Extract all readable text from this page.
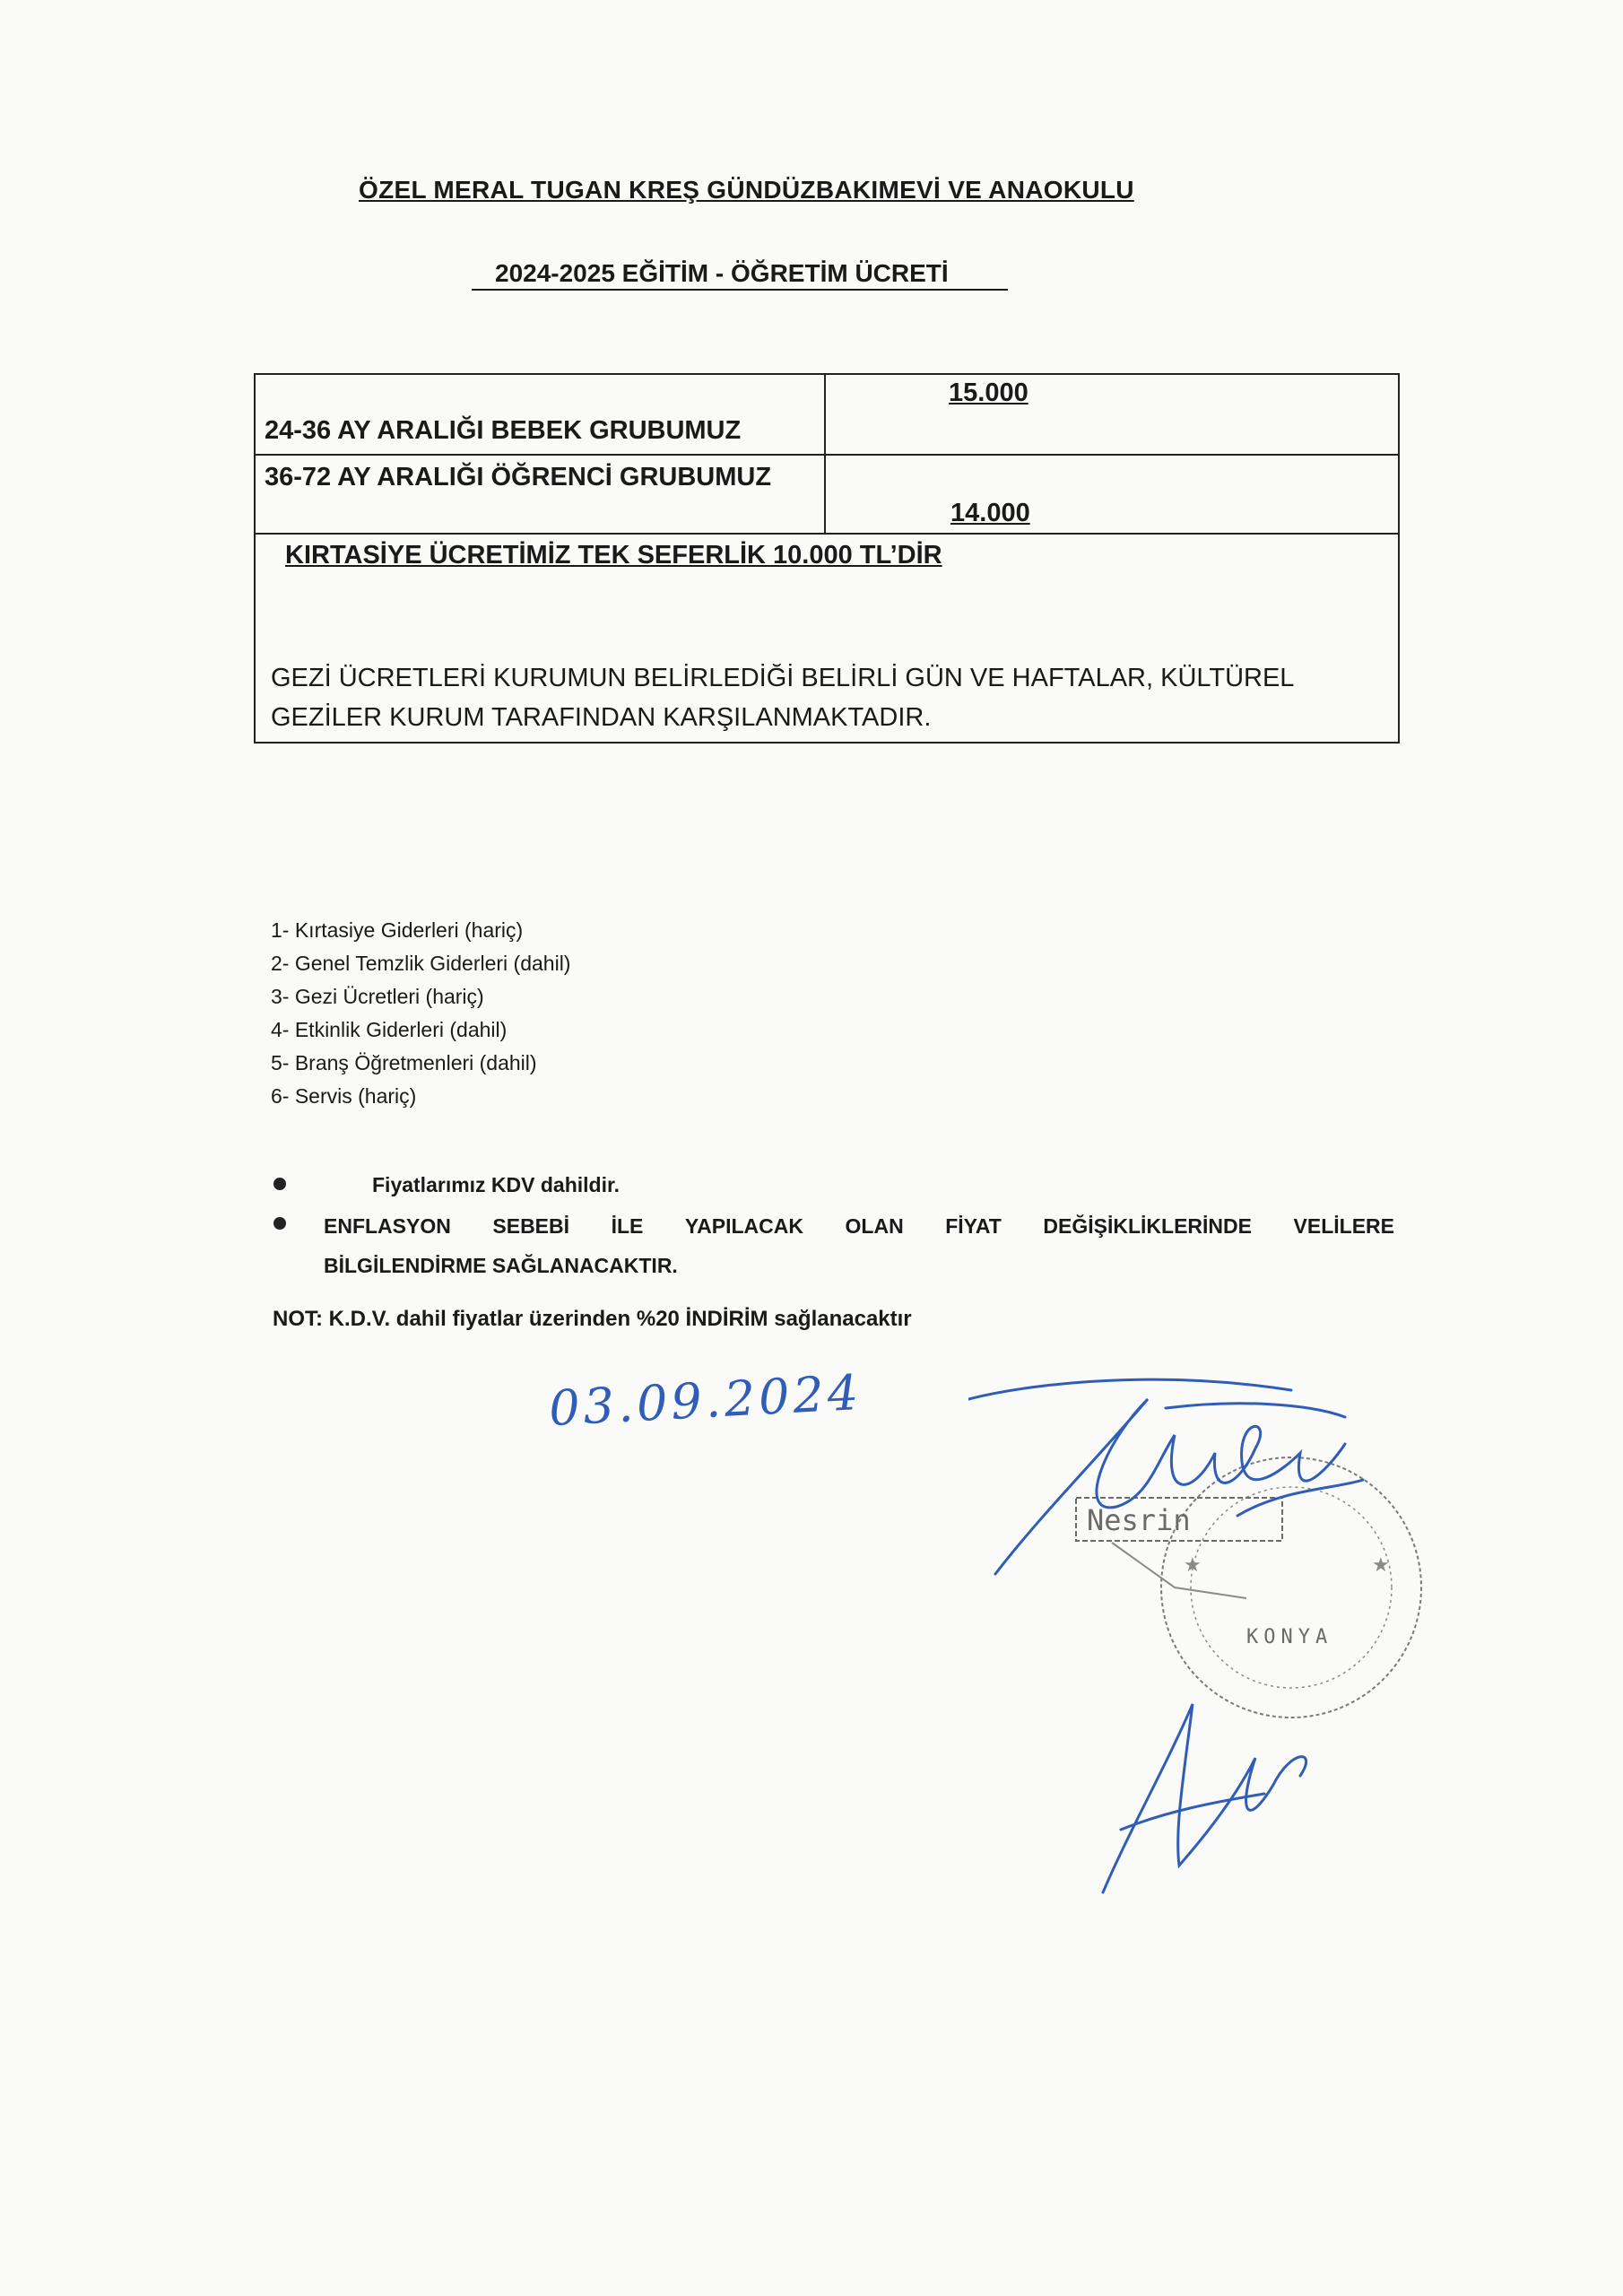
ÖZEL MERAL TUGAN KREŞ GÜNDÜZBAKIMEVİ VE ANAOKULU
2024-2025 EĞİTİM - ÖĞRETİM ÜCRETİ
24-36 AY ARALIĞI BEBEK GRUBUMUZ
15.000
36-72 AY ARALIĞI ÖĞRENCİ GRUBUMUZ
14.000
KIRTASİYE ÜCRETİMİZ TEK SEFERLİK 10.000 TL’DİR
GEZİ ÜCRETLERİ KURUMUN BELİRLEDİĞİ BELİRLİ GÜN VE HAFTALAR, KÜLTÜREL
GEZİLER KURUM TARAFINDAN KARŞILANMAKTADIR.
1- Kırtasiye Giderleri (hariç)
2- Genel Temzlik Giderleri (dahil)
3- Gezi Ücretleri (hariç)
4- Etkinlik Giderleri (dahil)
5- Branş Öğretmenleri (dahil)
6- Servis (hariç)
Fiyatlarımız KDV dahildir.
ENFLASYON SEBEBİ İLE YAPILACAK OLAN FİYAT DEĞİŞİKLİKLERİNDE VELİLERE
BİLGİLENDİRME SAĞLANACAKTIR.
NOT: K.D.V. dahil fiyatlar üzerinden %20 İNDİRİM sağlanacaktır
03.09.2024
Nesrin
KONYA
★	★
